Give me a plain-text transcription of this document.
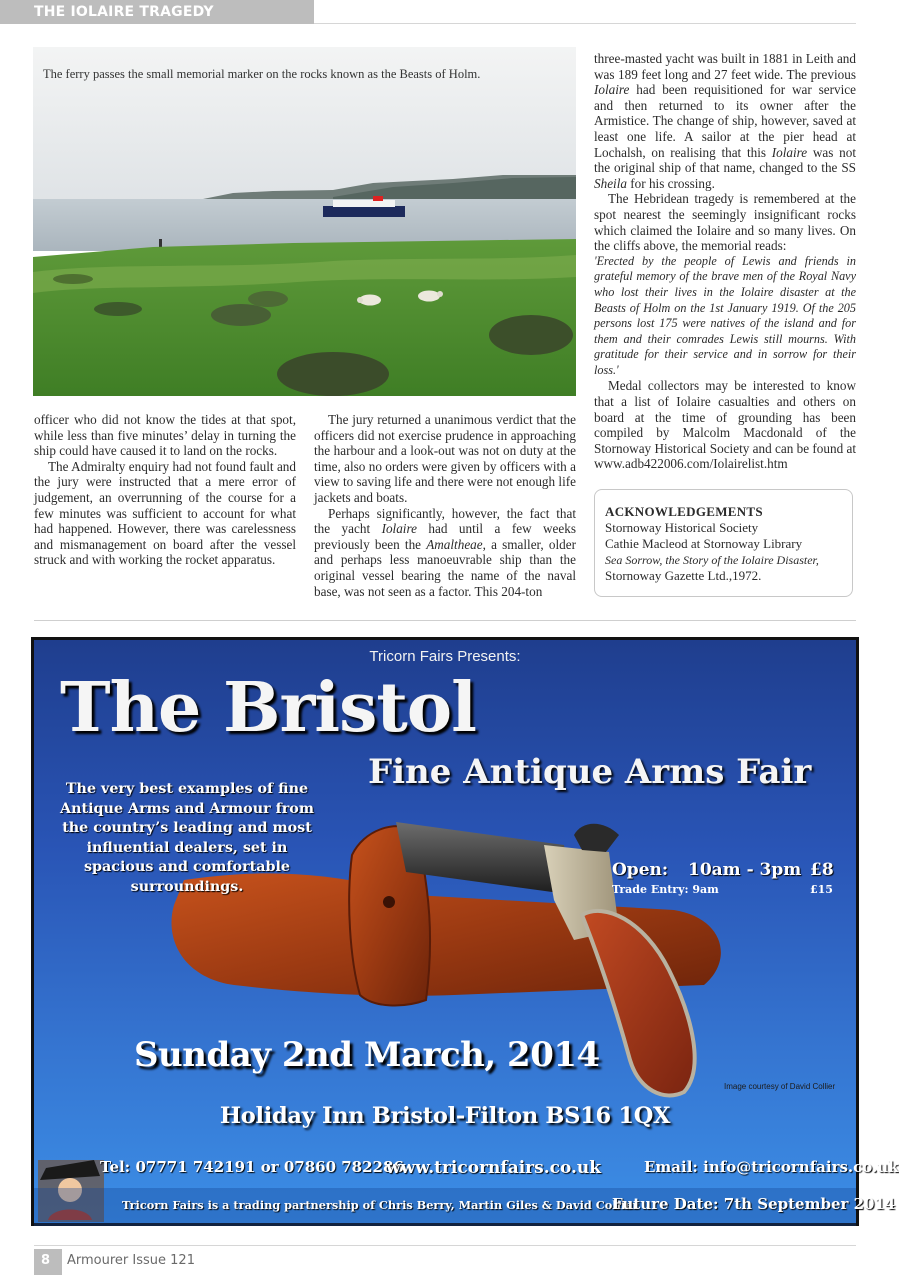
THE IOLAIRE TRAGEDY
The ferry passes the small memorial marker on the rocks known as the Beasts of Holm.

officer who did not know the tides at that spot, while less than five minutes’ delay in turning the ship could have caused it to land on the rocks.

The Admiralty enquiry had not found fault and the jury were instructed that a mere error of judgement, an overrunning of the course for a few minutes was sufficient to account for what had happened. However, there was carelessness and mismanagement on board after the vessel struck and with working the rocket apparatus.

The jury returned a unanimous verdict that the officers did not exercise prudence in approaching the harbour and a look-out was not on duty at the time, also no orders were given by officers with a view to saving life and there were not enough life jackets and boats.

Perhaps significantly, however, the fact that the yacht Iolaire had until a few weeks previously been the Amaltheae, a smaller, older and perhaps less manoeuvrable ship than the original vessel bearing the name of the naval base, was not seen as a factor. This 204-ton

three-masted yacht was built in 1881 in Leith and was 189 feet long and 27 feet wide. The previous Iolaire had been requisitioned for war service and then returned to its owner after the Armistice. The change of ship, however, saved at least one life. A sailor at the pier head at Lochalsh, on realising that this Iolaire was not the original ship of that name, changed to the SS Sheila for his crossing.

The Hebridean tragedy is remembered at the spot nearest the seemingly insignificant rocks which claimed the Iolaire and so many lives. On the cliffs above, the memorial reads:

'Erected by the people of Lewis and friends in grateful memory of the brave men of the Royal Navy who lost their lives in the Iolaire disaster at the Beasts of Holm on the 1st January 1919. Of the 205 persons lost 175 were natives of the island and for them and their comrades Lewis still mourns. With gratitude for their service and in sorrow for their loss.'

Medal collectors may be interested to know that a list of Iolaire casualties and others on board at the time of grounding has been compiled by Malcolm Macdonald of the Stornoway Historical Society and can be found at www.adb422006.com/Iolairelist.htm

ACKNOWLEDGEMENTS
Stornoway Historical Society
Cathie Macleod at Stornoway Library
Sea Sorrow, the Story of the Iolaire Disaster,
Stornoway Gazette Ltd.,1972.
Tricorn Fairs Presents:
The Bristol
Fine Antique Arms Fair
The very best examples of fine Antique Arms and Armour from the country’s leading and most influential dealers, set in spacious and comfortable surroundings.
Open: 10am - 3pm £8
Trade Entry: 9am	£15
Sunday 2nd March, 2014
Image courtesy of David Collier
Holiday Inn Bristol-Filton BS16 1QX
Tel: 07771 742191 or 07860 782286
www.tricornfairs.co.uk	Email: info@tricornfairs.co.uk
Tricorn Fairs is a trading partnership of Chris Berry, Martin Giles & David Collier
Future Date: 7th September 2014
8 Armourer Issue 121
